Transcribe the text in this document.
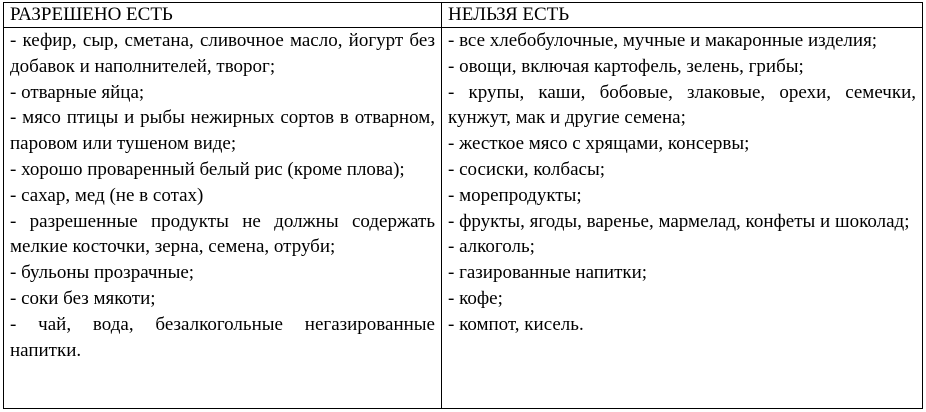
РАЗРЕШЕНО ЕСТЬ	НЕЛЬЗЯ ЕСТЬ
- кефир, сыр, сметана, сливочное масло, йогурт без добавок и наполнителей, творог;
- отварные яйца;
- мясо птицы и рыбы нежирных сортов в отварном, паровом или тушеном виде;
- хорошо проваренный белый рис (кроме плова);
- сахар, мед (не в сотах)
- разрешенные продукты не должны содержать мелкие косточки, зерна, семена, отруби;
- бульоны прозрачные;
- соки без мякоти;
- чай, вода, безалкогольные негазированные напитки.
- все хлебобулочные, мучные и макаронные изделия;
- овощи, включая картофель, зелень, грибы;
- крупы, каши, бобовые, злаковые, орехи, семечки, кунжут, мак и другие семена;
- жесткое мясо с хрящами, консервы;
- сосиски, колбасы;
- морепродукты;
- фрукты, ягоды, варенье, мармелад, конфеты и шоколад;
- алкоголь;
- газированные напитки;
- кофе;
- компот, кисель.
